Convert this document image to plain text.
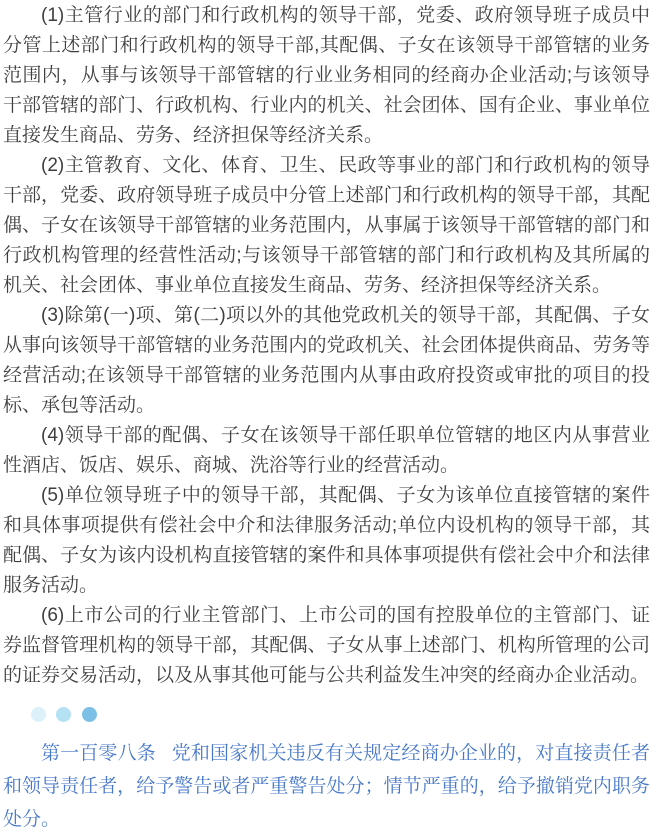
(1)主管行业的部门和行政机构的领导干部，党委、政府领导班子成员中分管上述部门和行政机构的领导干部,其配偶、子女在该领导干部管辖的业务范围内，从事与该领导干部管辖的行业业务相同的经商办企业活动;与该领导干部管辖的部门、行政机构、行业内的机关、社会团体、国有企业、事业单位直接发生商品、劳务、经济担保等经济关系。

(2)主管教育、文化、体育、卫生、民政等事业的部门和行政机构的领导干部，党委、政府领导班子成员中分管上述部门和行政机构的领导干部，其配偶、子女在该领导干部管辖的业务范围内，从事属于该领导干部管辖的部门和行政机构管理的经营性活动;与该领导干部管辖的部门和行政机构及其所属的机关、社会团体、事业单位直接发生商品、劳务、经济担保等经济关系。

(3)除第(一)项、第(二)项以外的其他党政机关的领导干部，其配偶、子女从事向该领导干部管辖的业务范围内的党政机关、社会团体提供商品、劳务等经营活动;在该领导干部管辖的业务范围内从事由政府投资或审批的项目的投标、承包等活动。

(4)领导干部的配偶、子女在该领导干部任职单位管辖的地区内从事营业性酒店、饭店、娱乐、商城、洗浴等行业的经营活动。

(5)单位领导班子中的领导干部，其配偶、子女为该单位直接管辖的案件和具体事项提供有偿社会中介和法律服务活动;单位内设机构的领导干部，其配偶、子女为该内设机构直接管辖的案件和具体事项提供有偿社会中介和法律服务活动。

(6)上市公司的行业主管部门、上市公司的国有控股单位的主管部门、证券监督管理机构的领导干部，其配偶、子女从事上述部门、机构所管理的公司的证券交易活动，以及从事其他可能与公共利益发生冲突的经商办企业活动。

第一百零八条 党和国家机关违反有关规定经商办企业的，对直接责任者和领导责任者，给予警告或者严重警告处分；情节严重的，给予撤销党内职务处分。
